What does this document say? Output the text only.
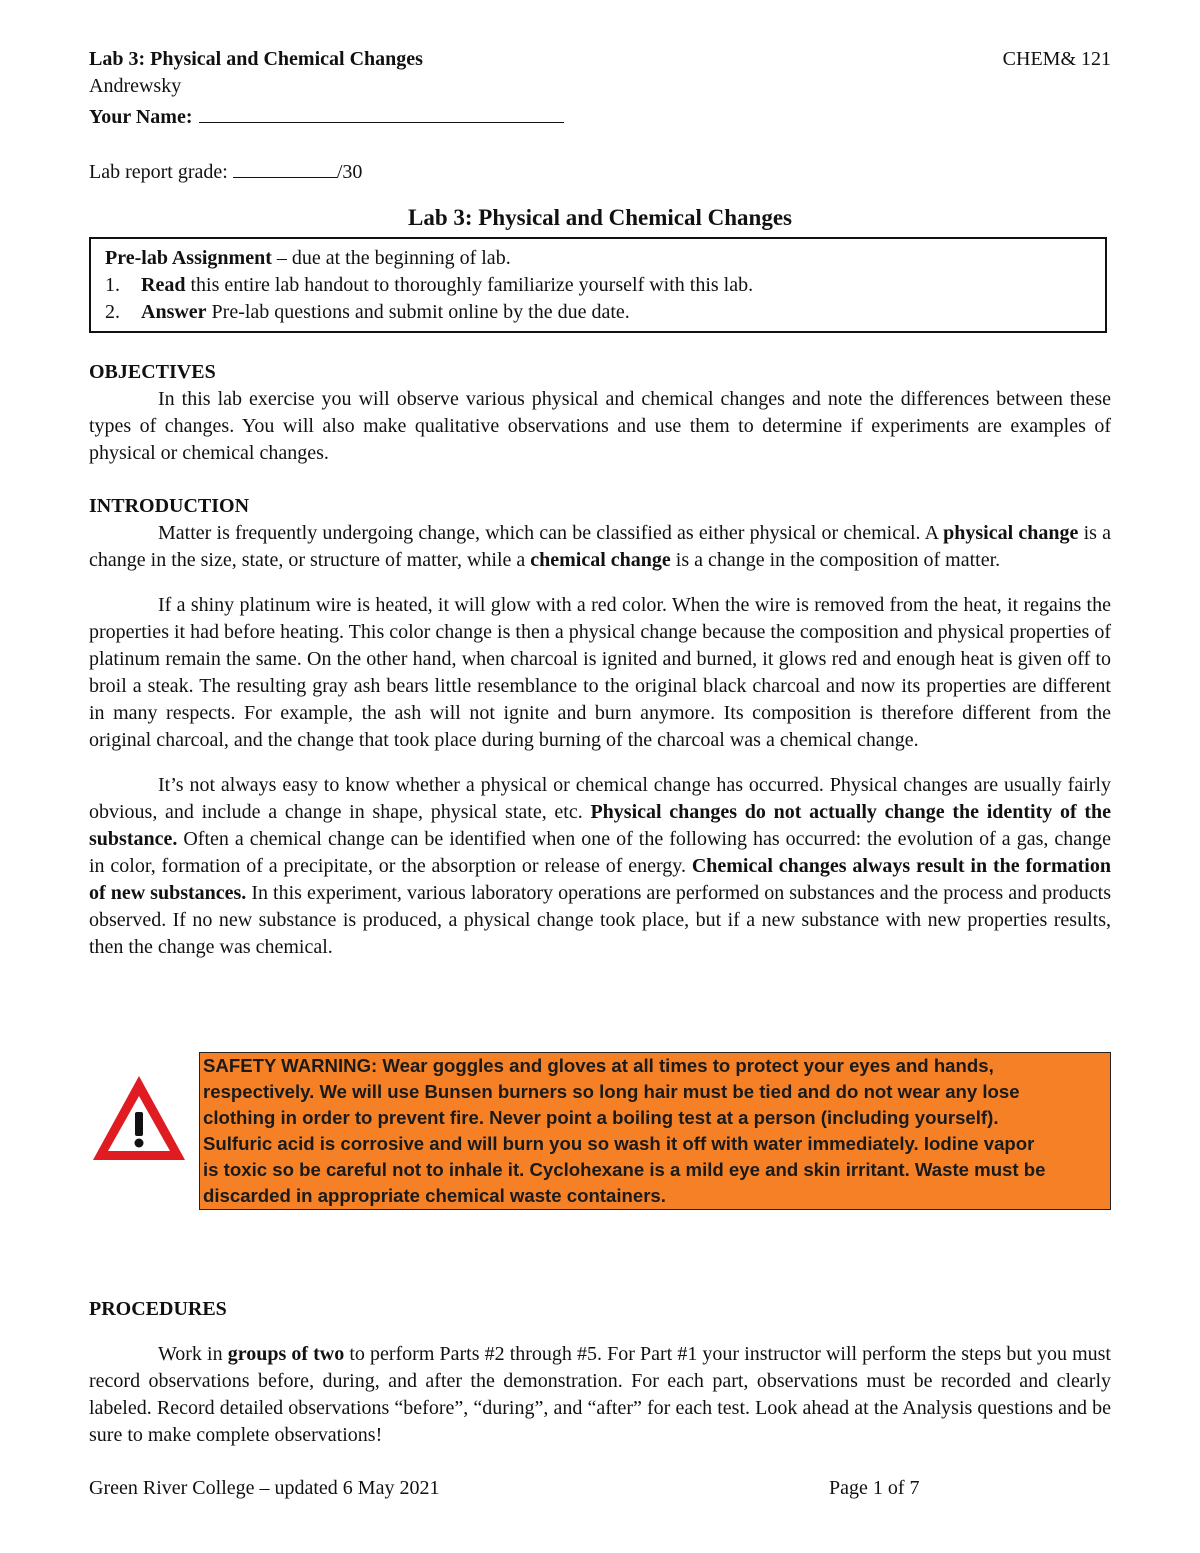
Lab 3: Physical and Chemical Changes
Andrewsky
Your Name:
Lab report grade:	/30
CHEM& 121
Lab 3: Physical and Chemical Changes
Pre-lab Assignment – due at the beginning of lab.
1.	Read this entire lab handout to thoroughly familiarize yourself with this lab.
2.	Answer Pre-lab questions and submit online by the due date.
OBJECTIVES
In this lab exercise you will observe various physical and chemical changes and note the differences between these types of changes. You will also make qualitative observations and use them to determine if experiments are examples of physical or chemical changes.
INTRODUCTION
Matter is frequently undergoing change, which can be classified as either physical or chemical. A physical change is a change in the size, state, or structure of matter, while a chemical change is a change in the composition of matter.
If a shiny platinum wire is heated, it will glow with a red color. When the wire is removed from the heat, it regains the properties it had before heating. This color change is then a physical change because the composition and physical properties of platinum remain the same. On the other hand, when charcoal is ignited and burned, it glows red and enough heat is given off to broil a steak. The resulting gray ash bears little resemblance to the original black charcoal and now its properties are different in many respects. For example, the ash will not ignite and burn anymore. Its composition is therefore different from the original charcoal, and the change that took place during burning of the charcoal was a chemical change.
It’s not always easy to know whether a physical or chemical change has occurred. Physical changes are usually fairly obvious, and include a change in shape, physical state, etc. Physical changes do not actually change the identity of the substance. Often a chemical change can be identified when one of the following has occurred: the evolution of a gas, change in color, formation of a precipitate, or the absorption or release of energy. Chemical changes always result in the formation of new substances. In this experiment, various laboratory operations are performed on substances and the process and products observed. If no new substance is produced, a physical change took place, but if a new substance with new properties results, then the change was chemical.
SAFETY WARNING: Wear goggles and gloves at all times to protect your eyes and hands,
respectively. We will use Bunsen burners so long hair must be tied and do not wear any lose
clothing in order to prevent fire. Never point a boiling test at a person (including yourself).
Sulfuric acid is corrosive and will burn you so wash it off with water immediately. Iodine vapor
is toxic so be careful not to inhale it. Cyclohexane is a mild eye and skin irritant. Waste must be
discarded in appropriate chemical waste containers.
PROCEDURES
Work in groups of two to perform Parts #2 through #5. For Part #1 your instructor will perform the steps but you must record observations before, during, and after the demonstration. For each part, observations must be recorded and clearly labeled. Record detailed observations “before”, “during”, and “after” for each test. Look ahead at the Analysis questions and be sure to make complete observations!
Green River College – updated 6 May 2021	Page 1 of 7
